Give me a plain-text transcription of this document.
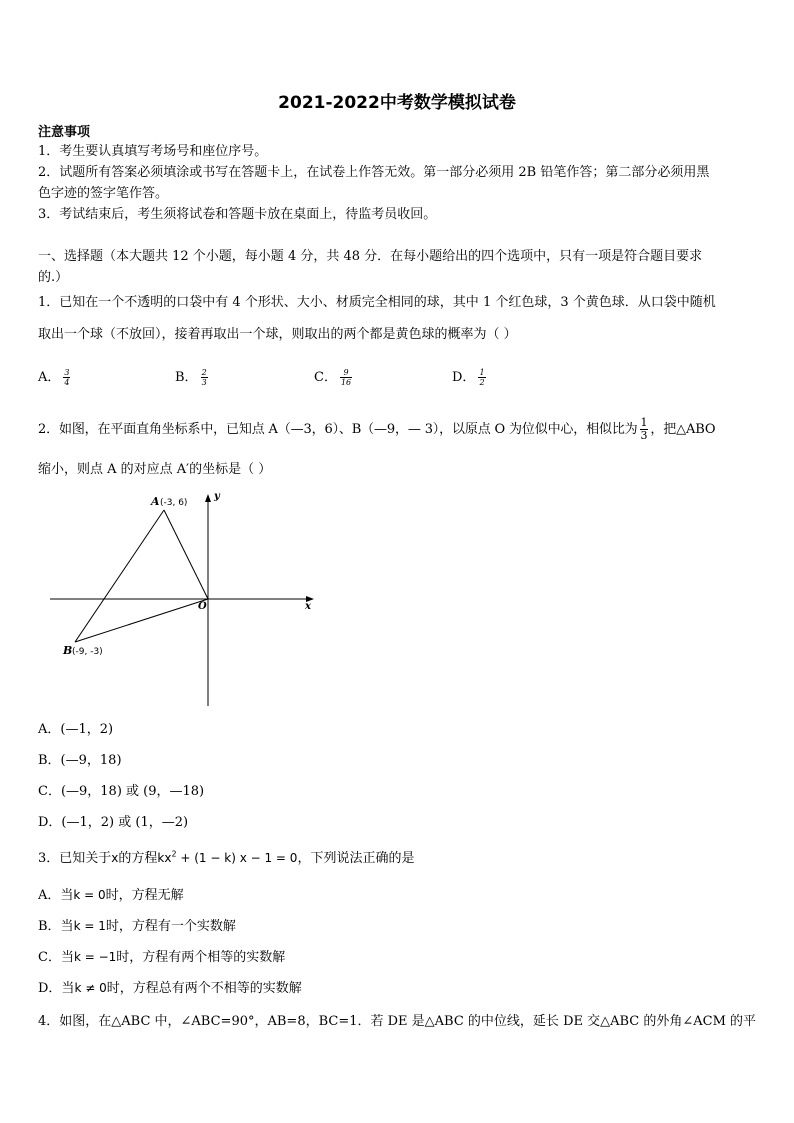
2021-2022中考数学模拟试卷
注意事项
1．考生要认真填写考场号和座位序号。
2．试题所有答案必须填涂或书写在答题卡上，在试卷上作答无效。第一部分必须用 2B 铅笔作答；第二部分必须用黑
色字迹的签字笔作答。
3．考试结束后，考生须将试卷和答题卡放在桌面上，待监考员收回。
一、选择题（本大题共 12 个小题，每小题 4 分，共 48 分．在每小题给出的四个选项中，只有一项是符合题目要求
的.）
1．已知在一个不透明的口袋中有 4 个形状、大小、材质完全相同的球，其中 1 个红色球，3 个黄色球．从口袋中随机
取出一个球（不放回），接着再取出一个球，则取出的两个都是黄色球的概率为（ ）
A． $\frac{3}{4}$	B． $\frac{2}{3}$	C． $\frac{9}{16}$	D． $\frac{1}{2}$
2．如图，在平面直角坐标系中，已知点 A（—3，6）、B（—9，— 3），以原点 O 为位似中心，相似比为 $\frac{1}{3}$ ，把△ABO
缩小，则点 A 的对应点 A′的坐标是（ ）
A (-3, 6)
B (-9, -3)
O	x
y
A．(—1，2)
B．(—9，18)
C．(—9，18) 或 (9，—18)
D．(—1，2) 或 (1，—2)
3．已知关于x的方程$kx^2 + (1 - k) x - 1 = 0$，下列说法正确的是
A．当k = 0时，方程无解
B．当k = 1时，方程有一个实数解
C．当k = −1时，方程有两个相等的实数解
D．当k ≠ 0时，方程总有两个不相等的实数解
4．如图，在△ABC 中，∠ABC=90°，AB=8，BC=1．若 DE 是△ABC 的中位线，延长 DE 交△ABC 的外角∠ACM 的平
